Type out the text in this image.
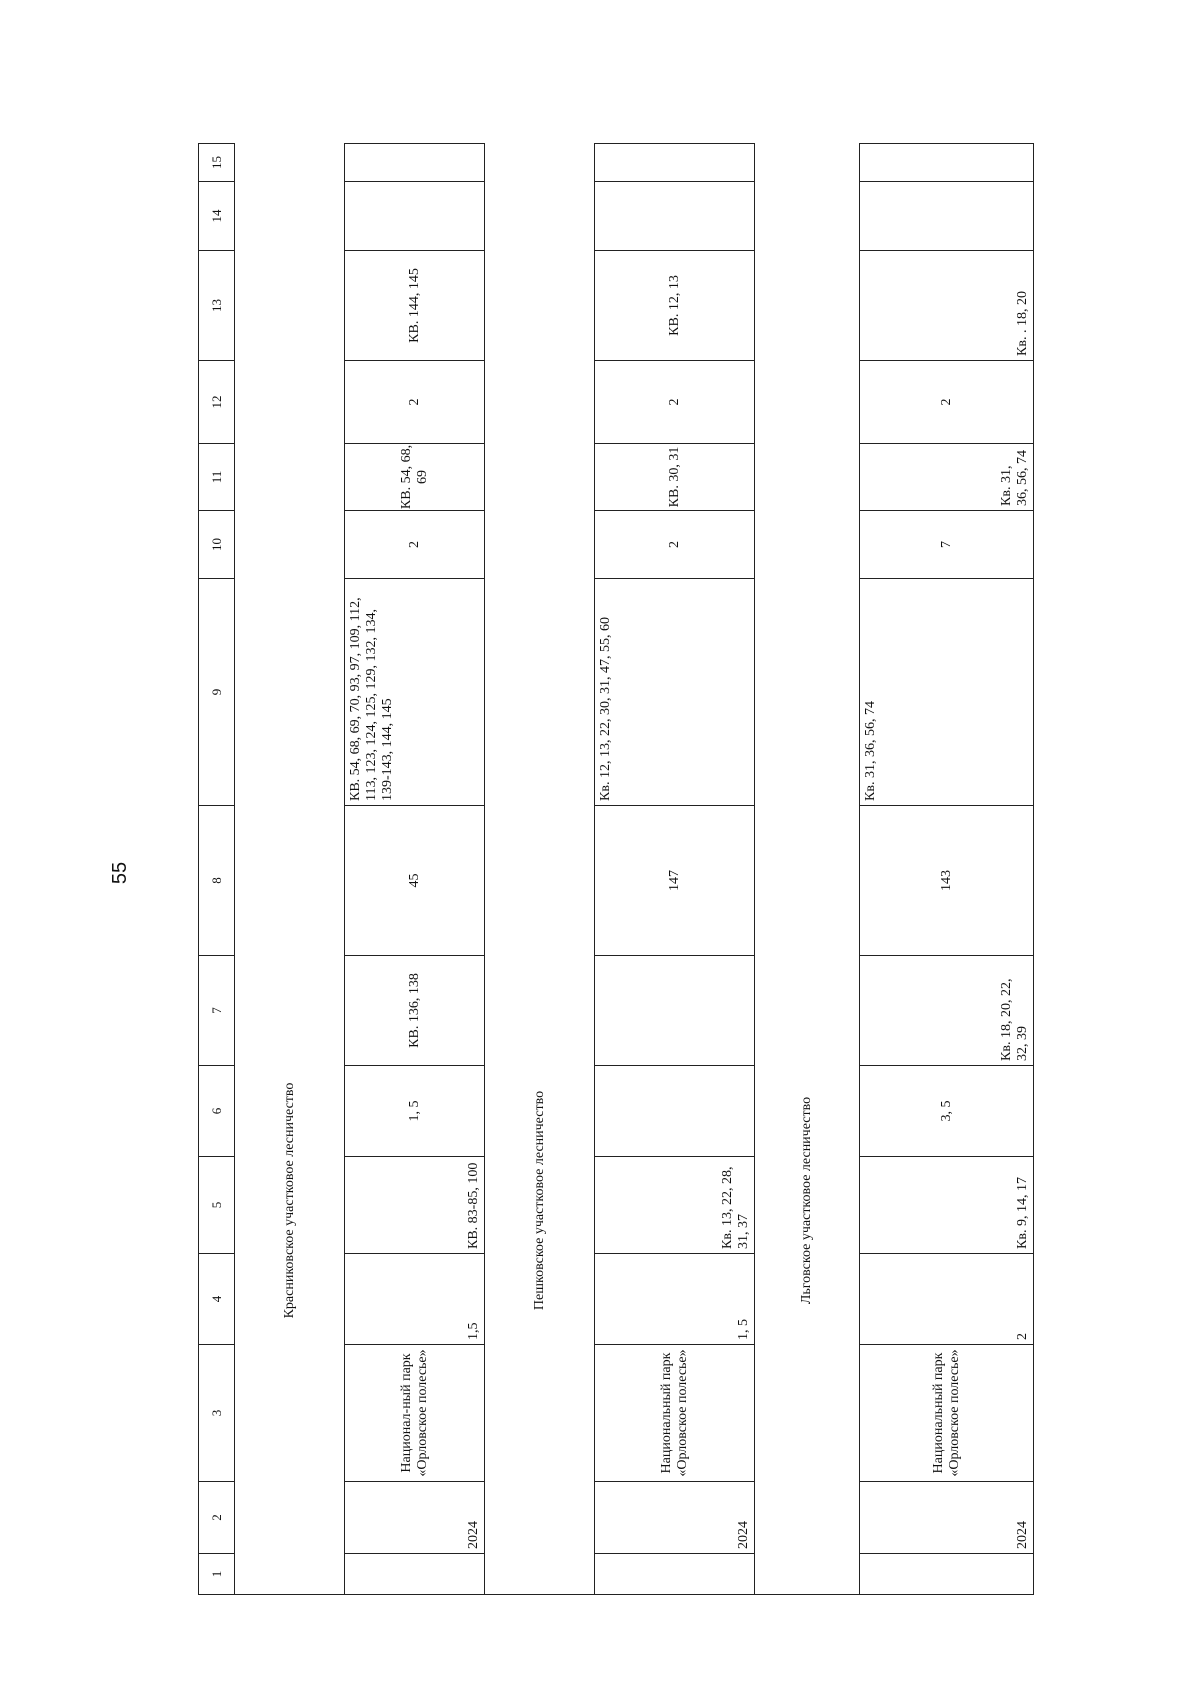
55
1
2
3
4
5
6
7
8
9
10
11
12
13
14
15
Красниковское участковое лесничество
2024
Национал-ный парк «Орловское полесье»
1,5
КВ. 83-85, 100
1, 5
КВ. 136, 138
45
КВ. 54, 68, 69, 70, 93, 97, 109, 112, 113, 123, 124, 125, 129, 132, 134, 139-143, 144, 145
2
КВ. 54, 68, 69
2
КВ. 144, 145
Пешковское участковое лесничество
2024
Национальный парк «Орловское полесье»
1, 5
Кв. 13, 22, 28, 31, 37
147
Кв. 12, 13, 22, 30, 31, 47, 55, 60
2
КВ. 30, 31
2
КВ. 12, 13
Льговское участковое лесничество
2024
Национальный парк «Орловское полесье»
2
Кв. 9, 14, 17
3, 5
Кв. 18, 20, 22, 32, 39
143
Кв. 31, 36, 56, 74
7
Кв. 31, 36, 56, 74
2
Кв. . 18, 20
